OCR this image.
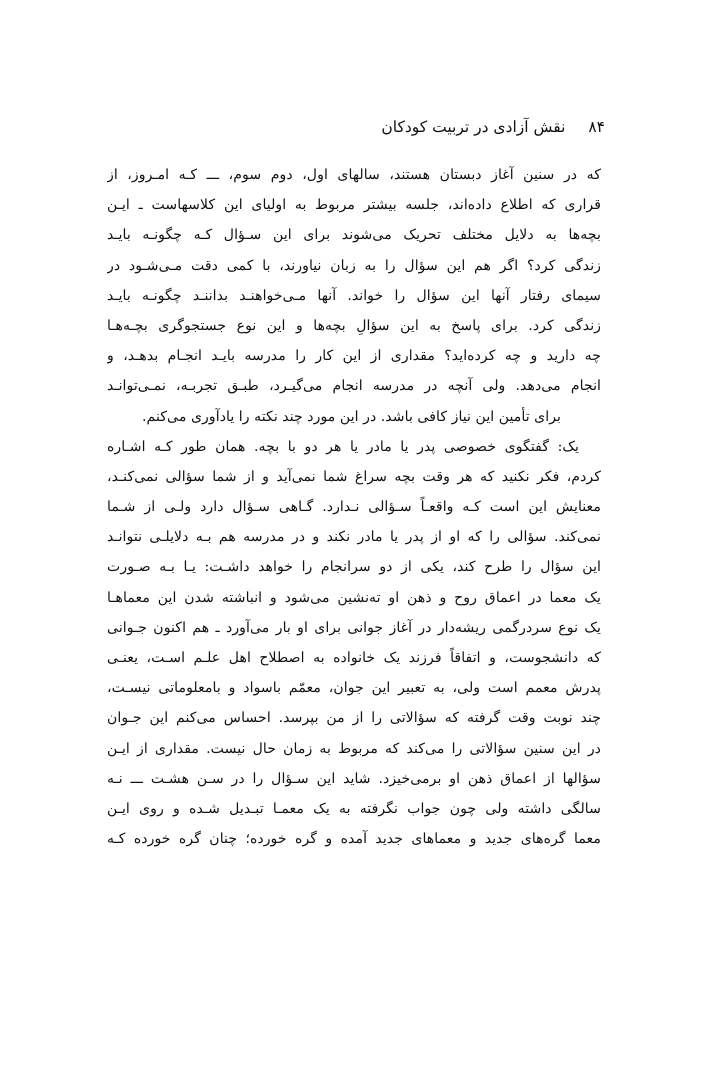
۸۴ نقش آزادی در تربیت کودکان
که در سنین آغاز دبستان هستند، سالهای اول، دوم سوم، ـــ کـه امـروز، از
قراری که اطلاع داده‌اند، جلسه بیشتر مربوط به اولیای این کلاسهاست ـ ایـن
بچه‌ها به دلایل مختلف تحریک می‌شوند برای این سـؤال کـه چگونـه بایـد
زندگی کرد؟ اگر هم این سؤال را به زبان نیاورند، با کمی دقت مـی‌شـود در
سیمای رفتار آنها این سؤال را خواند. آنها مـی‌خواهنـد بداننـد چگونـه بایـد
زندگی کرد. برای پاسخ به این سؤالِ بچه‌ها و این نوع جستجوگری بچـه‌هـا
چه دارید و چه کرده‌اید؟ مقداری از این کار را مدرسه بایـد انجـام بدهـد، و
انجام می‌دهد. ولی آنچه در مدرسه انجام می‌گیـرد، طبـق تجربـه، نمـی‌توانـد
برای تأمین این نیاز کافی باشد. در این مورد چند نکته را یادآوری می‌کنم.
یک: گفتگوی خصوصی پدر یا مادر یا هر دو با بچه. همان طور کـه اشـاره
کردم، فکر نکنید که هر وقت بچه سراغ شما نمی‌آید و از شما سؤالی نمی‌کنـد،
معنایش این است کـه واقعـاً سـؤالی نـدارد. گـاهی سـؤال دارد ولـی از شـما
نمی‌کند. سؤالی را که او از پدر یا مادر نکند و در مدرسه هم بـه دلایلـی نتوانـد
این سؤال را طرح کند، یکی از دو سرانجام را خواهد داشـت: یـا بـه صـورت
یک معما در اعماق روح و ذهن او ته‌نشین می‌شود و انباشته شدن این معماهـا
یک نوع سردرگمی ریشه‌دار در آغاز جوانی برای او بار می‌آورد ـ هم اکنون جـوانی
که دانشجوست، و اتفاقاً فرزند یک خانواده به اصطلاح اهل علـم اسـت، یعنـی
پدرش معمم است ولی، به تعبیر این جوان، معمّم باسواد و بامعلوماتی نیسـت،
چند نوبت وقت گرفته که سؤالاتی را از من بپرسد. احساس می‌کنم این جـوان
در این سنین سؤالاتی را می‌کند که مربوط به زمان حال نیست. مقداری از ایـن
سؤالها از اعماق ذهن او برمی‌خیزد. شاید این سـؤال را در سـن هشـت ـــ نـه
سالگی داشته ولی چون جواب نگرفته به یک معمـا تبـدیل شـده و روی ایـن
معما گره‌های جدید و معماهای جدید آمده و گره خورده؛ چنان گره خورده کـه
